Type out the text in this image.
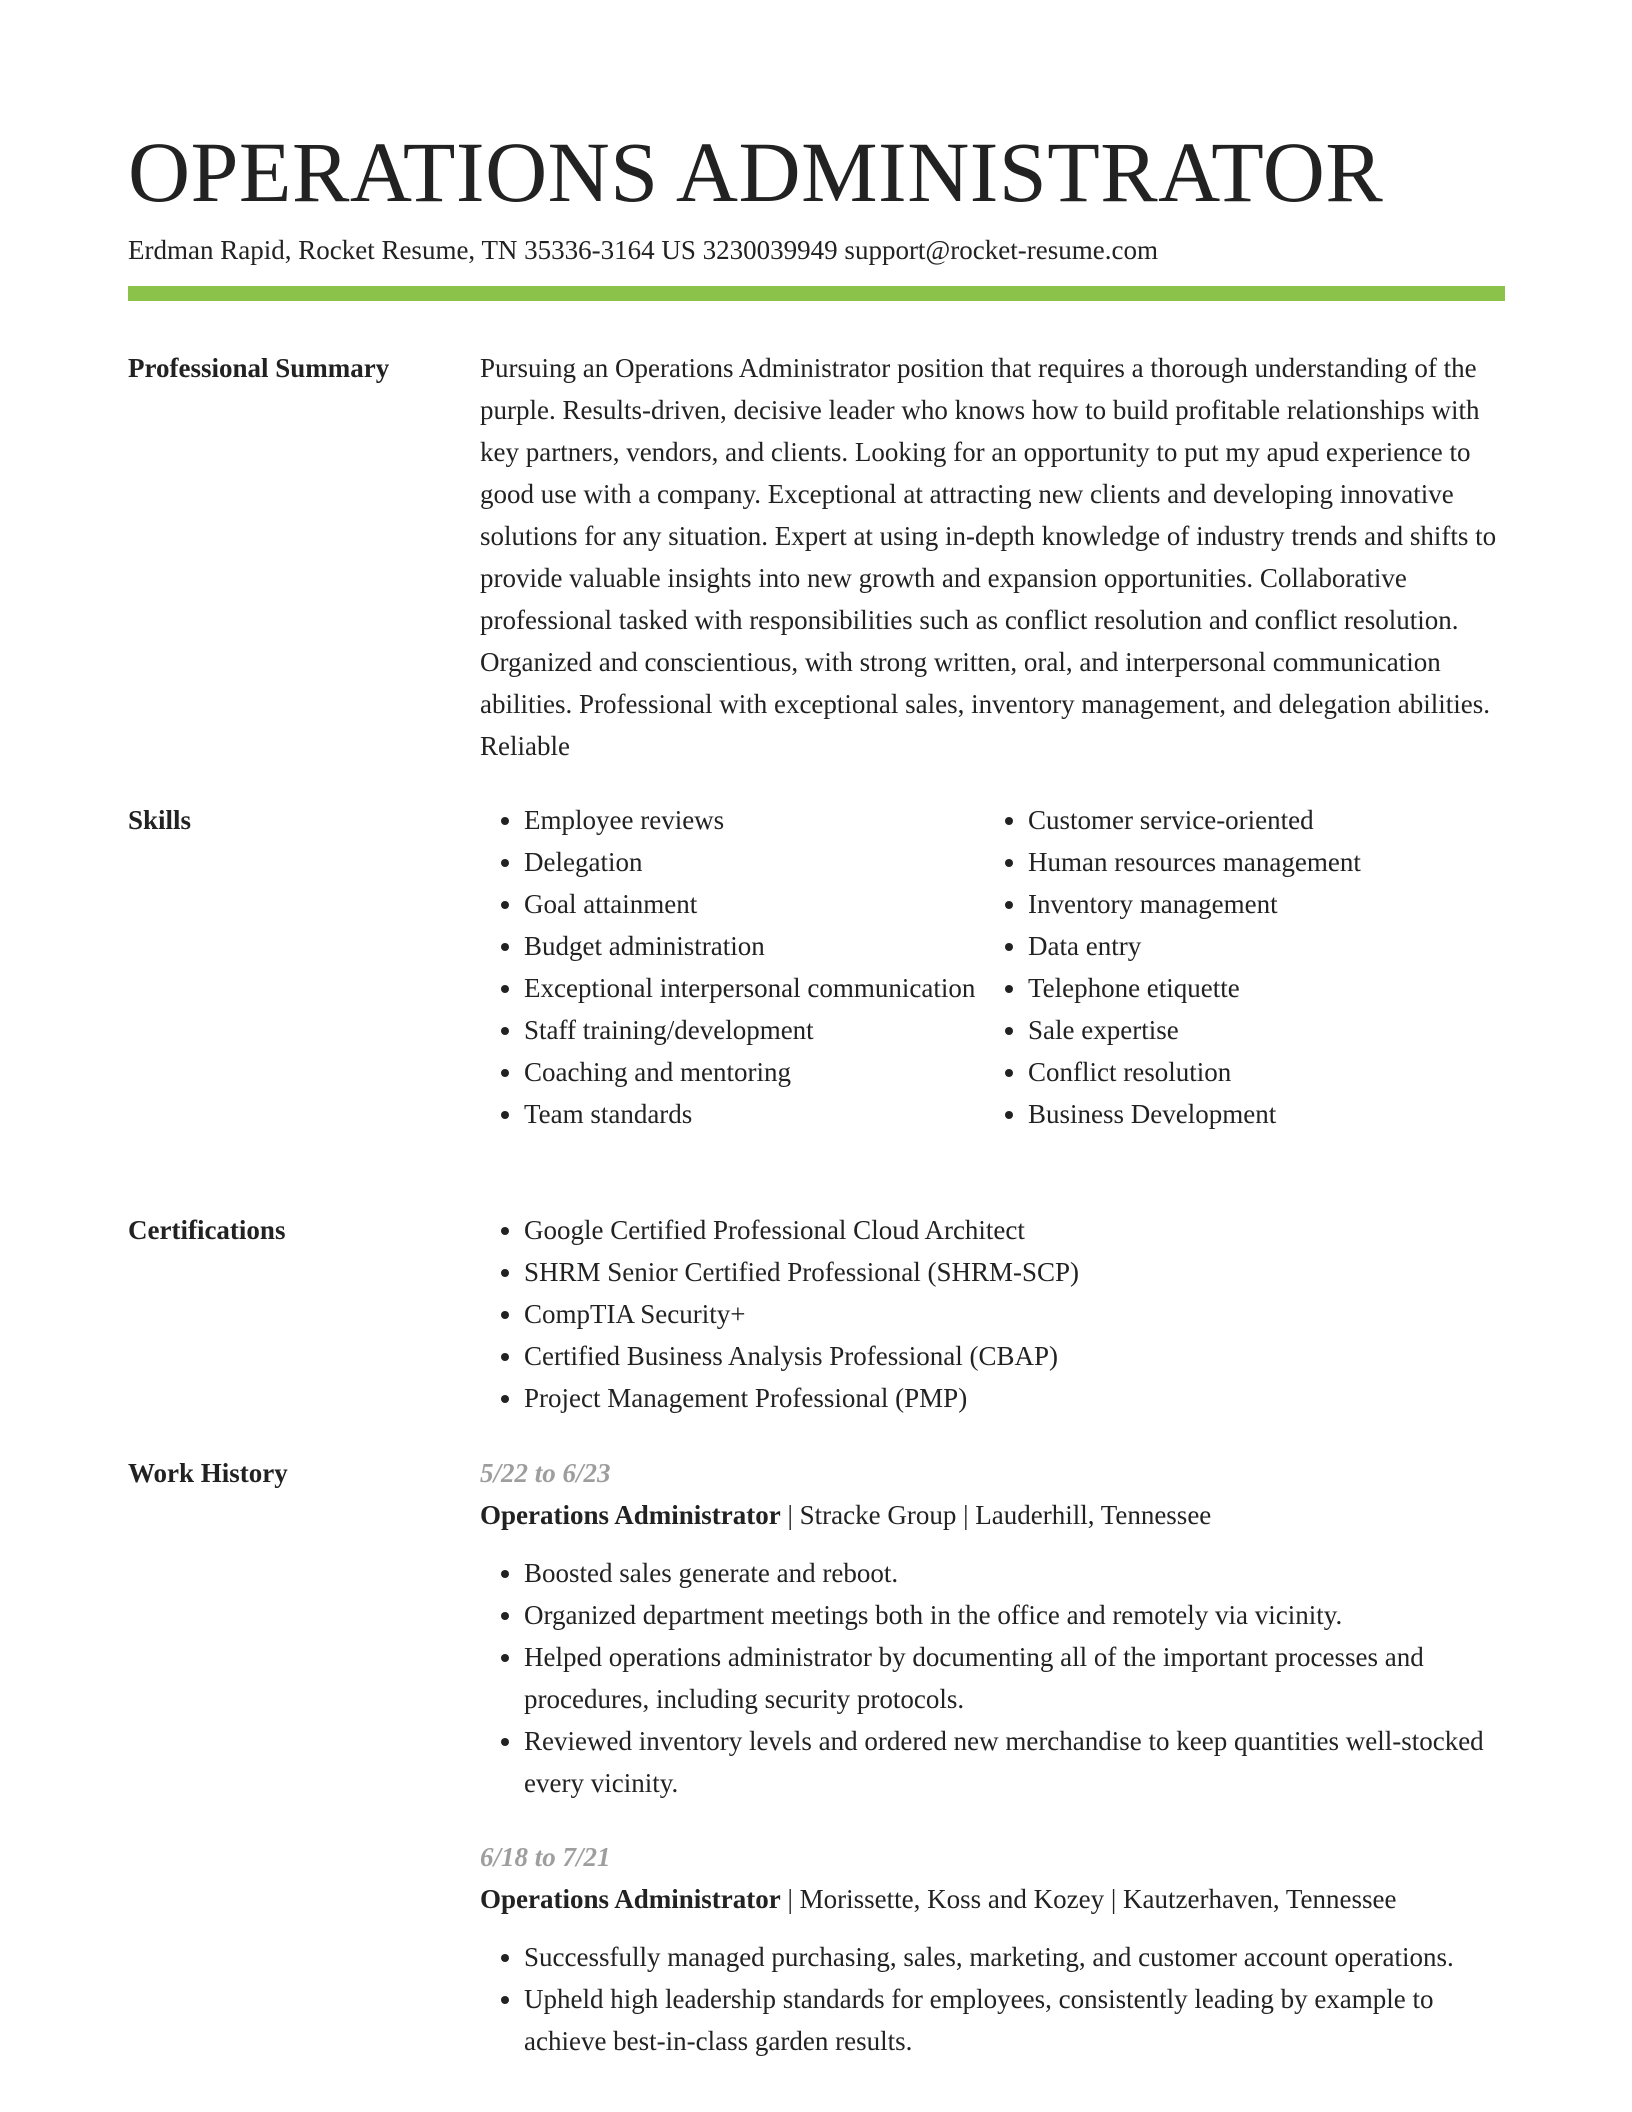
OPERATIONS ADMINISTRATOR
Erdman Rapid, Rocket Resume, TN 35336-3164 US 3230039949 support@rocket-resume.com
Professional Summary	Pursuing an Operations Administrator position that requires a thorough understanding of the purple. Results-driven, decisive leader who knows how to build profitable relationships with key partners, vendors, and clients. Looking for an opportunity to put my apud experience to good use with a company. Exceptional at attracting new clients and developing innovative solutions for any situation. Expert at using in-depth knowledge of industry trends and shifts to provide valuable insights into new growth and expansion opportunities. Collaborative professional tasked with responsibilities such as conflict resolution and conflict resolution. Organized and conscientious, with strong written, oral, and interpersonal communication abilities. Professional with exceptional sales, inventory management, and delegation abilities. Reliable

Skills	• Employee reviews
• Delegation
• Goal attainment
• Budget administration
• Exceptional interpersonal communication
• Staff training/development
• Coaching and mentoring
• Team standards
• Customer service-oriented
• Human resources management
• Inventory management
• Data entry
• Telephone etiquette
• Sale expertise
• Conflict resolution
• Business Development
Certifications	• Google Certified Professional Cloud Architect
• SHRM Senior Certified Professional (SHRM-SCP)
• CompTIA Security+
• Certified Business Analysis Professional (CBAP)
• Project Management Professional (PMP)
Work History	5/22 to 6/23
Operations Administrator | Stracke Group | Lauderhill, Tennessee
• Boosted sales generate and reboot.
• Organized department meetings both in the office and remotely via vicinity.
• Helped operations administrator by documenting all of the important processes and procedures, including security protocols.
• Reviewed inventory levels and ordered new merchandise to keep quantities well-stocked every vicinity.
6/18 to 7/21
Operations Administrator | Morissette, Koss and Kozey | Kautzerhaven, Tennessee
• Successfully managed purchasing, sales, marketing, and customer account operations.
• Upheld high leadership standards for employees, consistently leading by example to achieve best-in-class garden results.
